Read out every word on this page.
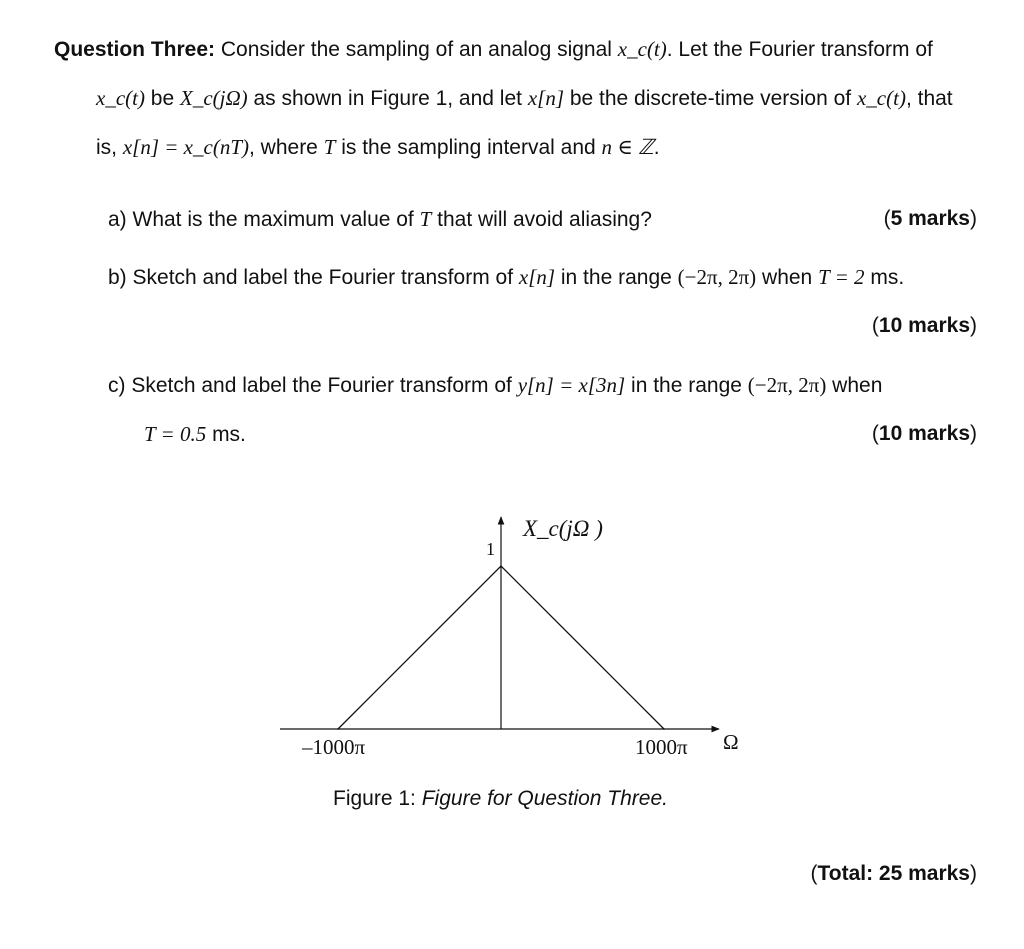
Question Three: Consider the sampling of an analog signal x_c(t). Let the Fourier transform of
x_c(t) be X_c(jΩ) as shown in Figure 1, and let x[n] be the discrete-time version of x_c(t), that
is, x[n] = x_c(nT), where T is the sampling interval and n ∈ ℤ.
a) What is the maximum value of T that will avoid aliasing?	(5 marks)
b) Sketch and label the Fourier transform of x[n] in the range (−2π, 2π) when T = 2 ms.
(10 marks)
c) Sketch and label the Fourier transform of y[n] = x[3n] in the range (−2π, 2π) when
T = 0.5 ms.	(10 marks)
X_c(jΩ )
1
Ω
–1000π	1000π
Figure 1: Figure for Question Three.
(Total: 25 marks)
